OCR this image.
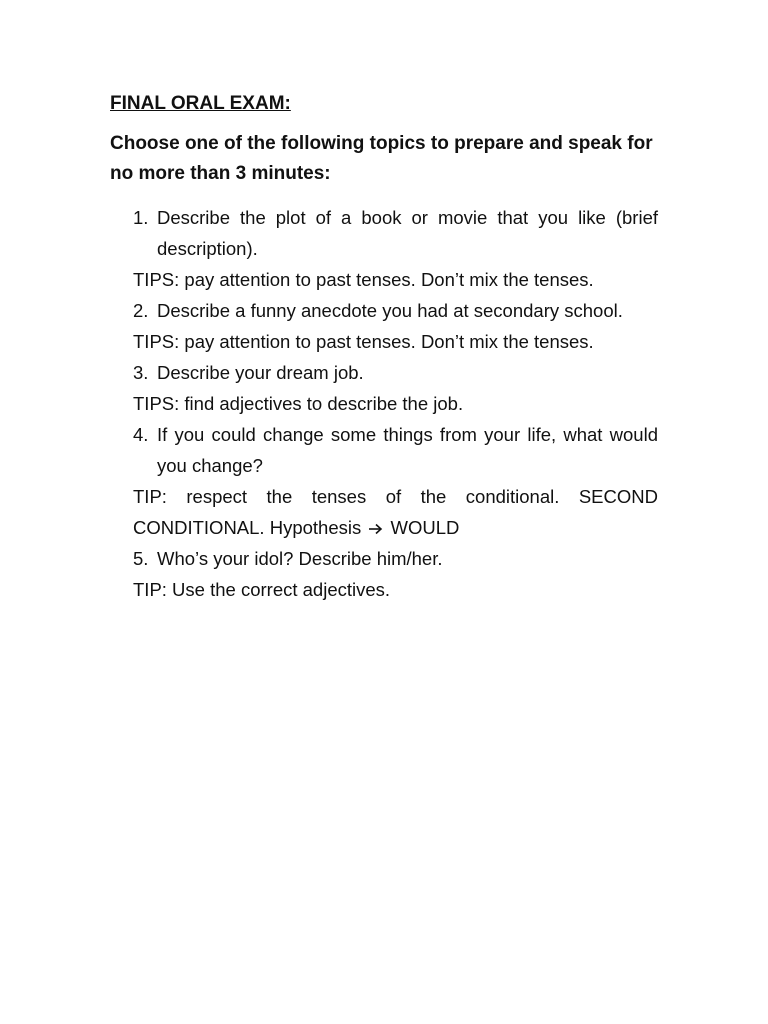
FINAL ORAL EXAM:

Choose one of the following topics to prepare and speak for no more than 3 minutes:

1. Describe the plot of a book or movie that you like (brief description).

TIPS: pay attention to past tenses. Don’t mix the tenses.

2. Describe a funny anecdote you had at secondary school.

TIPS: pay attention to past tenses. Don’t mix the tenses.

3. Describe your dream job.

TIPS: find adjectives to describe the job.

4. If you could change some things from your life, what would you change?

TIP: respect the tenses of the conditional. SECOND CONDITIONAL. Hypothesis WOULD

5. Who’s your idol? Describe him/her.

TIP: Use the correct adjectives.
